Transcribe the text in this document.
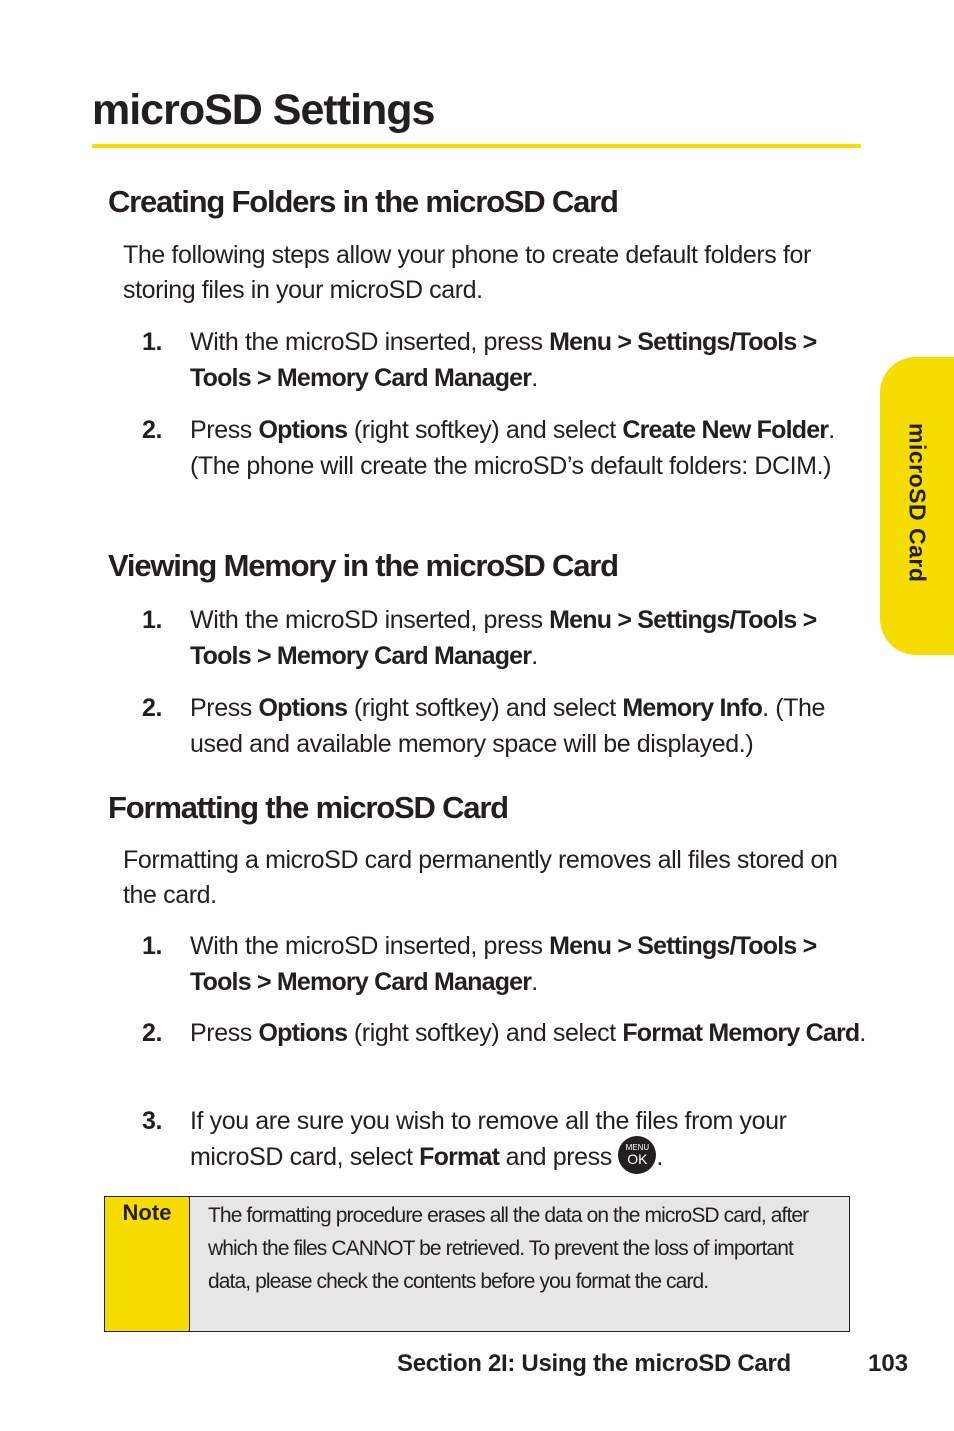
microSD Settings
Creating Folders in the microSD Card

The following steps allow your phone to create default folders for storing files in your microSD card.

1.	With the microSD inserted, press Menu > Settings/Tools > Tools > Memory Card Manager.
2.	Press Options (right softkey) and select Create New Folder. (The phone will create the microSD’s default folders: DCIM.)
Viewing Memory in the microSD Card
1.	With the microSD inserted, press Menu > Settings/Tools > Tools > Memory Card Manager.
2.	Press Options (right softkey) and select Memory Info. (The used and available memory space will be displayed.)
Formatting the microSD Card

Formatting a microSD card permanently removes all files stored on the card.

1.	With the microSD inserted, press Menu > Settings/Tools > Tools > Memory Card Manager.
2.	Press Options (right softkey) and select Format Memory Card.
3.	If you are sure you wish to remove all the files from your microSD card, select Format and press MENU
OK .
Note	The formatting procedure erases all the data on the microSD card, after which the files CANNOT be retrieved. To prevent the loss of important data, please check the contents before you format the card.
microSD Card
Section 2I: Using the microSD Card	103
